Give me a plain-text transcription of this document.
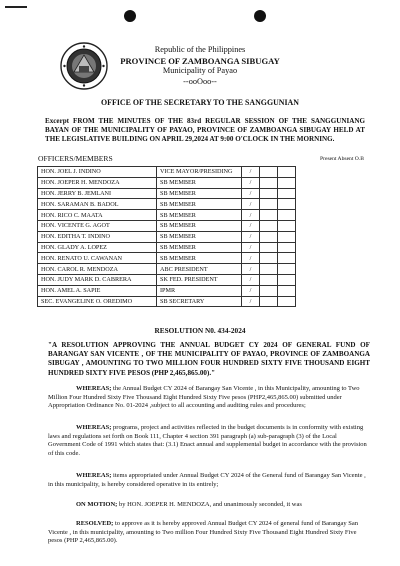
Republic of the Philippines
PROVINCE OF ZAMBOANGA SIBUGAY
Municipality of Payao
--ooOoo--
OFFICE OF THE SECRETARY TO THE SANGGUNIAN
Excerpt FROM THE MINUTES OF THE 83rd REGULAR SESSION OF THE SANGGUNIANG BAYAN OF THE MUNICIPALITY OF PAYAO, PROVINCE OF ZAMBOANGA SIBUGAY HELD AT THE LEGISLATIVE BUILDING ON APRIL 29,2024 AT 9:00 O'CLOCK IN THE MORNING.
OFFICERS/MEMBERS	Present Absent O.B
HON. JOEL J. INDINO	VICE MAYOR/PRESIDING	/		
HON. JOEPER H. MENDOZA	SB MEMBER	/		
HON. JERRY B. JEMLANI	SB MEMBER	/		
HON. SARAMAN B. BADOL	SB MEMBER	/		
HON. RICO C. MAATA	SB MEMBER	/		
HON. VICENTE G. AGOT	SB MEMBER	/		
HON. EDITHA T. INDINO	SB MEMBER	/		
HON. GLADY A. LOPEZ	SB MEMBER	/		
HON. RENATO U. CAWANAN	SB MEMBER	/		
HON. CAROL R. MENDOZA	ABC PRESIDENT	/		
HON. JUDY MARK D. CABRERA	SK FED. PRESIDENT	/		
HON. AMEL A. SAPIE	IPMR	/		
SEC. EVANGELINE O. OREDIMO	SB SECRETARY	/		
RESOLUTION N0. 434-2024
"A RESOLUTION APPROVING THE ANNUAL BUDGET CY 2024 OF GENERAL FUND OF BARANGAY SAN VICENTE , OF THE MUNICIPALITY OF PAYAO, PROVINCE OF ZAMBOANGA SIBUGAY , AMOUNTING TO TWO MILLION FOUR HUNDRED SIXTY FIVE THOUSAND EIGHT HUNDRED SIXTY FIVE PESOS (PHP 2,465,865.00)."
WHEREAS; the Annual Budget CY 2024 of Barangay San Vicente , in this Municipality, amounting to Two Million Four Hundred Sixty Five Thousand Eight Hundred Sixty Five pesos (PHP2,465,865.00) submitted under Appropriation Ordinance No. 01-2024 ,subject to all accounting and auditing rules and procedures;
WHEREAS; programs, project and activities reflected in the budget documents is in conformity with existing laws and regulations set forth on Book 111, Chapter 4 section 391 paragraph (a) sub-paragraph (3) of the Local Government Code of 1991 which states that: (3.1) Enact annual and supplemental budget in accordance with the provision of this code.
WHEREAS; items appropriated under Annual Budget CY 2024 of the General fund of Barangay San Vicente , in this municipality, is hereby considered operative in its entirely;
ON MOTION; by HON. JOEPER H. MENDOZA, and unanimously seconded, it was
RESOLVED; to approve as it is hereby approved Annual Budget CY 2024 of general fund of Barangay San Vicente , in this municipality, amounting to Two million Four Hundred Sixty Five Thousand Eight Hundred Sixty Five pesos (PHP 2,465,865.00).
